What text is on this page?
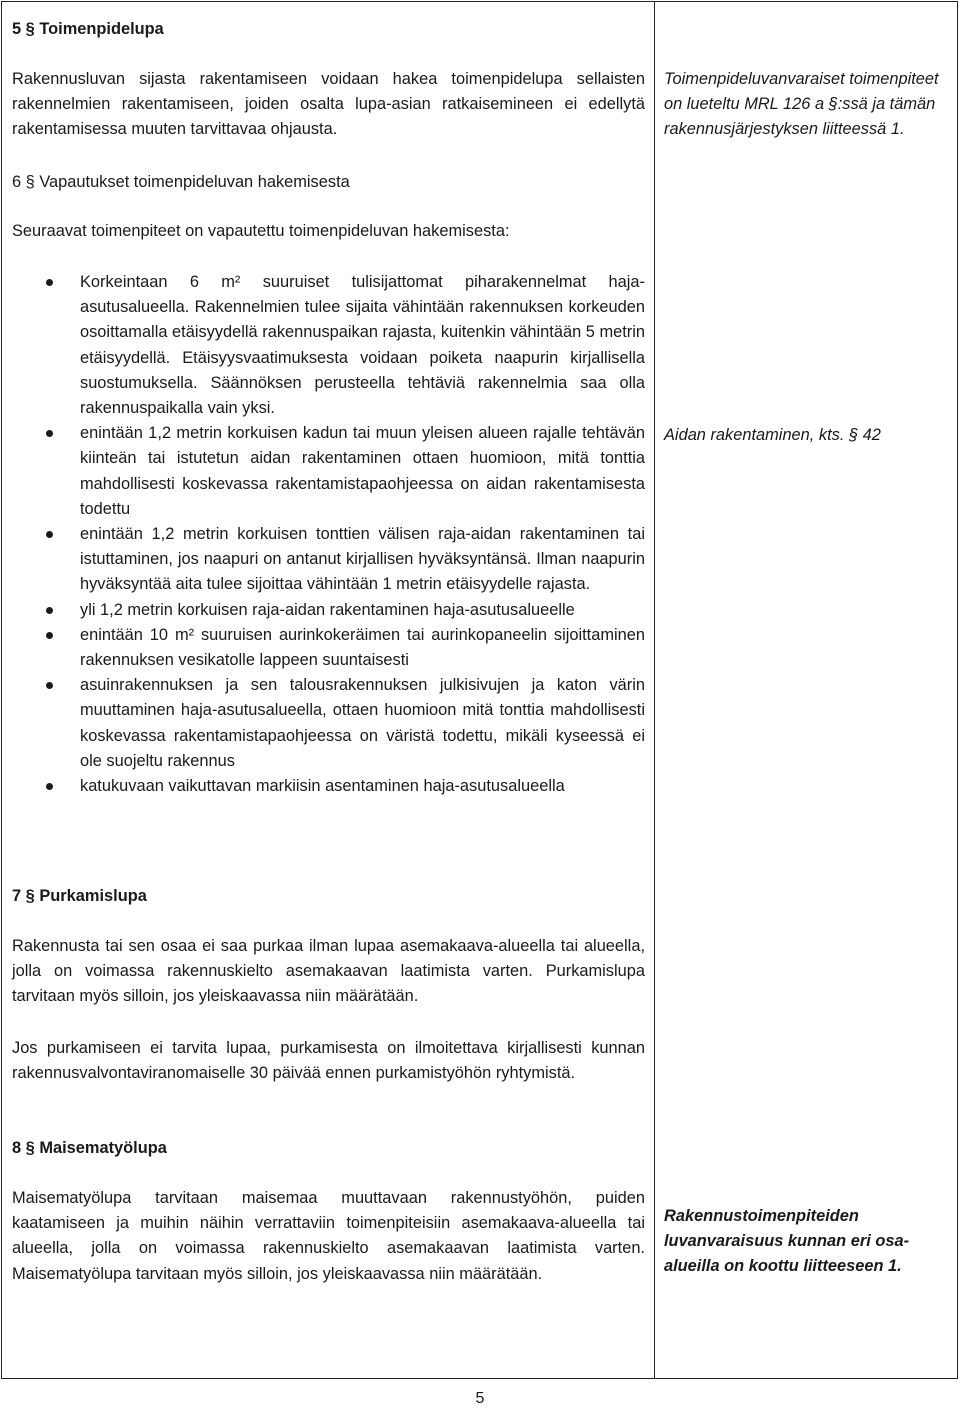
5 § Toimenpidelupa
Rakennusluvan sijasta rakentamiseen voidaan hakea toimenpidelupa sellaisten rakennelmien rakentamiseen, joiden osalta lupa-asian ratkaisemineen ei edellytä rakentamisessa muuten tarvittavaa ohjausta.
6 § Vapautukset toimenpideluvan hakemisesta
Seuraavat toimenpiteet on vapautettu toimenpideluvan hakemisesta:
Korkeintaan 6 m² suuruiset tulisijattomat piharakennelmat haja-asutusalueella. Rakennelmien tulee sijaita vähintään rakennuksen korkeuden osoittamalla etäisyydellä rakennuspaikan rajasta, kuitenkin vähintään 5 metrin etäisyydellä. Etäisyysvaatimuksesta voidaan poiketa naapurin kirjallisella suostumuksella. Säännöksen perusteella tehtäviä rakennelmia saa olla rakennuspaikalla vain yksi.
enintään 1,2 metrin korkuisen kadun tai muun yleisen alueen rajalle tehtävän kiinteän tai istutetun aidan rakentaminen ottaen huomioon, mitä tonttia mahdollisesti koskevassa rakentamistapaohjeessa on aidan rakentamisesta todettu
enintään 1,2 metrin korkuisen tonttien välisen raja-aidan rakentaminen tai istuttaminen, jos naapuri on antanut kirjallisen hyväksyntänsä. Ilman naapurin hyväksyntää aita tulee sijoittaa vähintään 1 metrin etäisyydelle rajasta.
yli 1,2 metrin korkuisen raja-aidan rakentaminen haja-asutusalueelle
enintään 10 m² suuruisen aurinkokeräimen tai aurinkopaneelin sijoittaminen rakennuksen vesikatolle lappeen suuntaisesti
asuinrakennuksen ja sen talousrakennuksen julkisivujen ja katon värin muuttaminen haja-asutusalueella, ottaen huomioon mitä tonttia mahdollisesti koskevassa rakentamistapaohjeessa on väristä todettu, mikäli kyseessä ei ole suojeltu rakennus
katukuvaan vaikuttavan markiisin asentaminen haja-asutusalueella
7 § Purkamislupa
Rakennusta tai sen osaa ei saa purkaa ilman lupaa asemakaava-alueella tai alueella, jolla on voimassa rakennuskielto asemakaavan laatimista varten. Purkamislupa tarvitaan myös silloin, jos yleiskaavassa niin määrätään.
Jos purkamiseen ei tarvita lupaa, purkamisesta on ilmoitettava kirjallisesti kunnan rakennusvalvontaviranomaiselle 30 päivää ennen purkamistyöhön ryhtymistä.
8 § Maisematyölupa
Maisematyölupa tarvitaan maisemaa muuttavaan rakennustyöhön, puiden kaatamiseen ja muihin näihin verrattaviin toimenpiteisiin asemakaava-alueella tai alueella, jolla on voimassa rakennuskielto asemakaavan laatimista varten. Maisematyölupa tarvitaan myös silloin, jos yleiskaavassa niin määrätään.
Toimenpideluvanvaraiset toimenpiteet on lueteltu MRL 126 a §:ssä ja tämän rakennusjärjestyksen liitteessä 1.
Aidan rakentaminen, kts. § 42
Rakennustoimenpiteiden luvanvaraisuus kunnan eri osa-alueilla on koottu liitteeseen 1.
5
